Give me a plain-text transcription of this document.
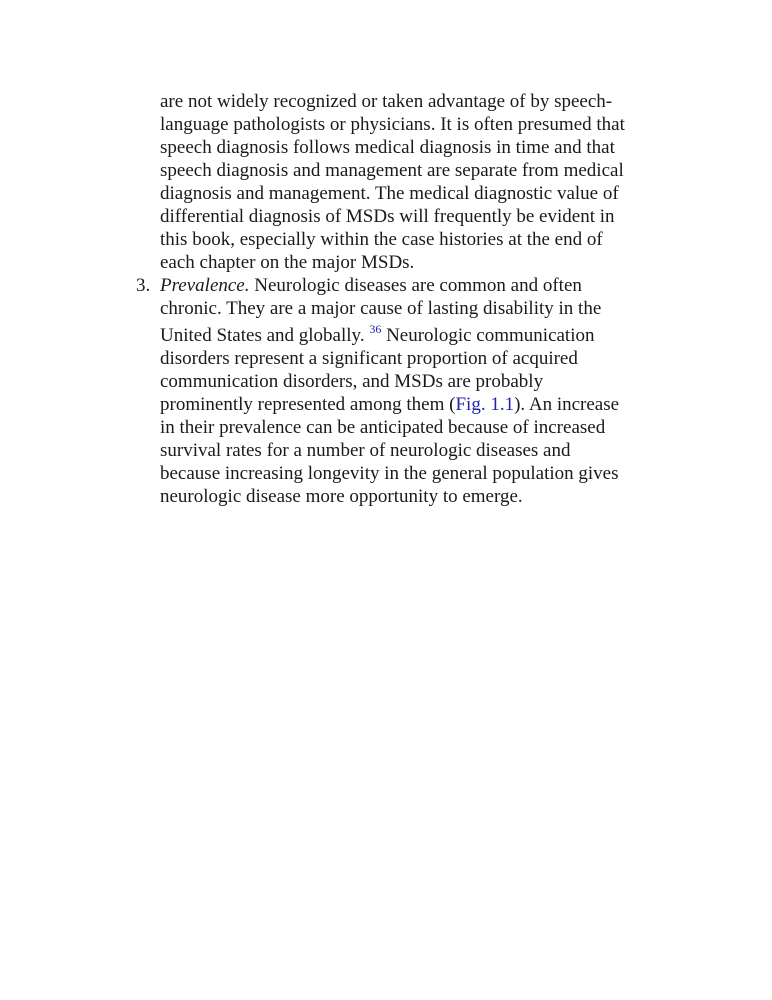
are not widely recognized or taken advantage of by speech-
language pathologists or physicians. It is often presumed that
speech diagnosis follows medical diagnosis in time and that
speech diagnosis and management are separate from medical
diagnosis and management. The medical diagnostic value of
differential diagnosis of MSDs will frequently be evident in
this book, especially within the case histories at the end of
each chapter on the major MSDs.
3. Prevalence. Neurologic diseases are common and often
chronic. They are a major cause of lasting disability in the
United States and globally. $^{36}$ Neurologic communication
disorders represent a significant proportion of acquired
communication disorders, and MSDs are probably
prominently represented among them (Fig. 1.1). An increase
in their prevalence can be anticipated because of increased
survival rates for a number of neurologic diseases and
because increasing longevity in the general population gives
neurologic disease more opportunity to emerge.
